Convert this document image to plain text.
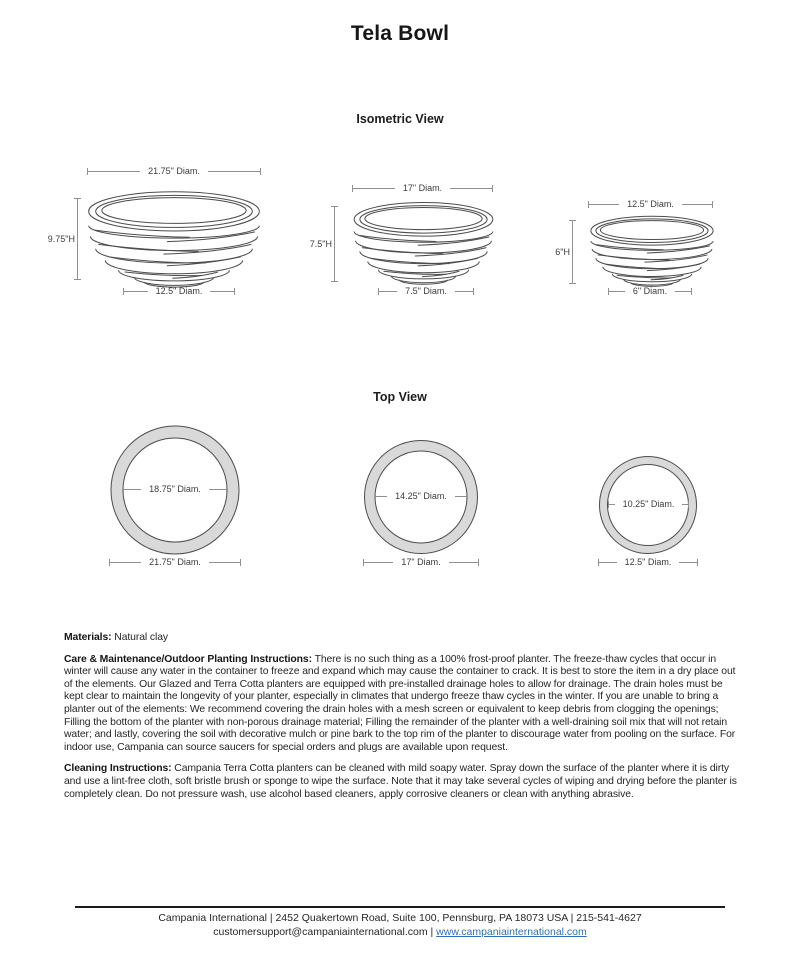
Tela Bowl
Isometric View
21.75" Diam.
9.75"H
12.5" Diam.
17" Diam.
7.5"H
7.5" Diam.
12.5" Diam.
6"H
6" Diam.
Top View
18.75" Diam.
21.75" Diam.
14.25" Diam.
17" Diam.
10.25" Diam.
12.5" Diam.

Materials: Natural clay

Care & Maintenance/Outdoor Planting Instructions: There is no such thing as a 100% frost-proof planter. The freeze-thaw cycles that occur in winter will cause any water in the container to freeze and expand which may cause the container to crack. It is best to store the item in a dry place out of the elements. Our Glazed and Terra Cotta planters are equipped with pre-installed drainage holes to allow for drainage. The drain holes must be kept clear to maintain the longevity of your planter, especially in climates that undergo freeze thaw cycles in the winter. If you are unable to bring a planter out of the elements: We recommend covering the drain holes with a mesh screen or equivalent to keep debris from clogging the openings; Filling the bottom of the planter with non-porous drainage material; Filling the remainder of the planter with a well-draining soil mix that will not retain water; and lastly, covering the soil with decorative mulch or pine bark to the top rim of the planter to discourage water from pooling on the surface. For indoor use, Campania can source saucers for special orders and plugs are available upon request.

Cleaning Instructions: Campania Terra Cotta planters can be cleaned with mild soapy water. Spray down the surface of the planter where it is dirty and use a lint-free cloth, soft bristle brush or sponge to wipe the surface. Note that it may take several cycles of wiping and drying before the planter is completely clean. Do not pressure wash, use alcohol based cleaners, apply corrosive cleaners or clean with anything abrasive.

Campania International | 2452 Quakertown Road, Suite 100, Pennsburg, PA 18073 USA | 215-541-4627
customersupport@campaniainternational.com | www.campaniainternational.com
